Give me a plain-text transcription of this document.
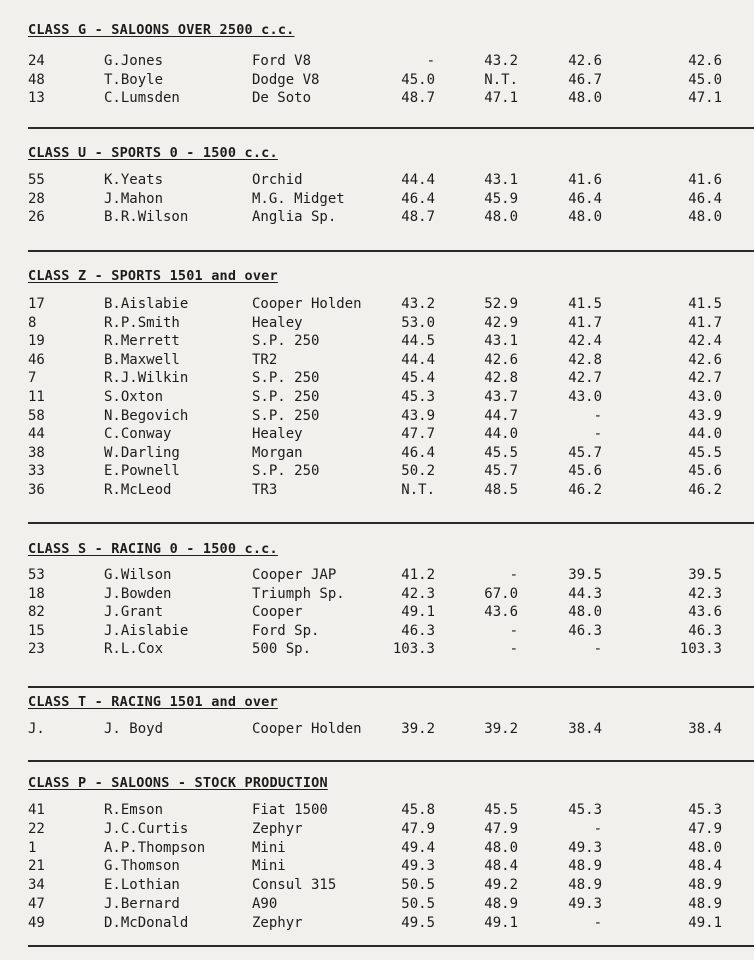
CLASS G - SALOONS OVER 2500 c.c.
24	G.Jones	Ford V8	-	43.2	42.6	42.6
48	T.Boyle	Dodge V8	45.0	N.T.	46.7	45.0
13	C.Lumsden	De Soto	48.7	47.1	48.0	47.1
CLASS U - SPORTS 0 - 1500 c.c.
55	K.Yeats	Orchid	44.4	43.1	41.6	41.6
28	J.Mahon	M.G. Midget	46.4	45.9	46.4	46.4
26	B.R.Wilson	Anglia Sp.	48.7	48.0	48.0	48.0
CLASS Z - SPORTS 1501 and over
17	B.Aislabie	Cooper Holden	43.2	52.9	41.5	41.5
8	R.P.Smith	Healey	53.0	42.9	41.7	41.7
19	R.Merrett	S.P. 250	44.5	43.1	42.4	42.4
46	B.Maxwell	TR2	44.4	42.6	42.8	42.6
7	R.J.Wilkin	S.P. 250	45.4	42.8	42.7	42.7
11	S.Oxton	S.P. 250	45.3	43.7	43.0	43.0
58	N.Begovich	S.P. 250	43.9	44.7	-	43.9
44	C.Conway	Healey	47.7	44.0	-	44.0
38	W.Darling	Morgan	46.4	45.5	45.7	45.5
33	E.Pownell	S.P. 250	50.2	45.7	45.6	45.6
36	R.McLeod	TR3	N.T.	48.5	46.2	46.2
CLASS S - RACING 0 - 1500 c.c.
53	G.Wilson	Cooper JAP	41.2	-	39.5	39.5
18	J.Bowden	Triumph Sp.	42.3	67.0	44.3	42.3
82	J.Grant	Cooper	49.1	43.6	48.0	43.6
15	J.Aislabie	Ford Sp.	46.3	-	46.3	46.3
23	R.L.Cox	500 Sp.	103.3	-	-	103.3
CLASS T - RACING 1501 and over
J.	J. Boyd	Cooper Holden	39.2	39.2	38.4	38.4
CLASS P - SALOONS - STOCK PRODUCTION
41	R.Emson	Fiat 1500	45.8	45.5	45.3	45.3
22	J.C.Curtis	Zephyr	47.9	47.9	-	47.9
1	A.P.Thompson	Mini	49.4	48.0	49.3	48.0
21	G.Thomson	Mini	49.3	48.4	48.9	48.4
34	E.Lothian	Consul 315	50.5	49.2	48.9	48.9
47	J.Bernard	A90	50.5	48.9	49.3	48.9
49	D.McDonald	Zephyr	49.5	49.1	-	49.1
